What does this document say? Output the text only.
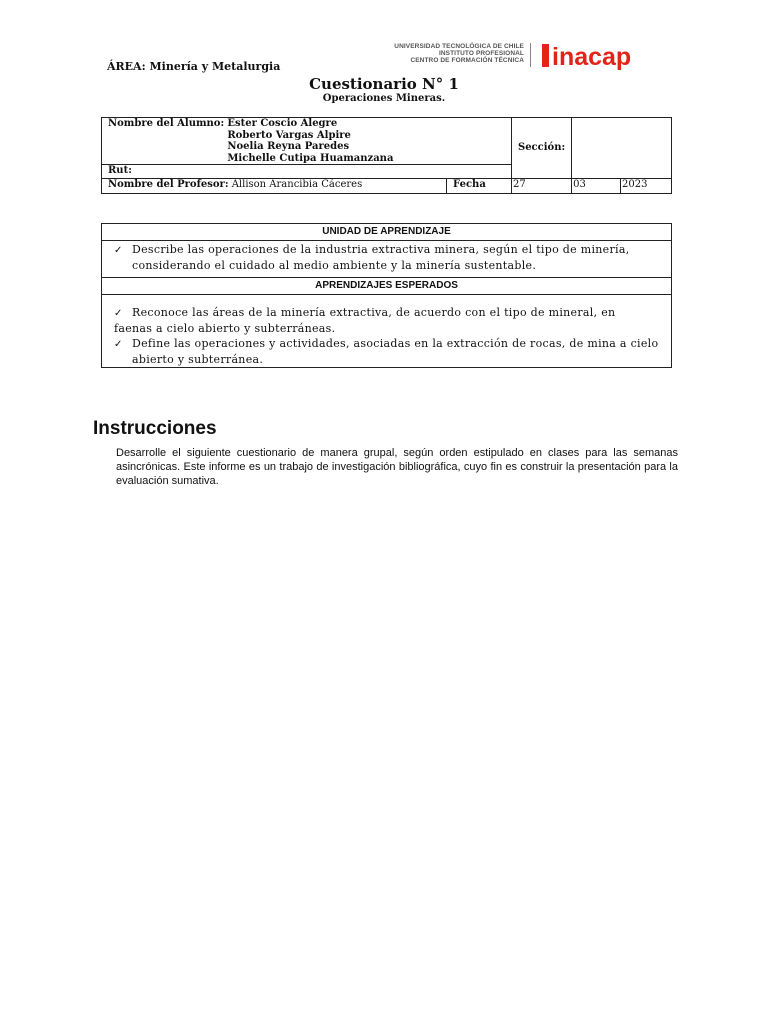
ÁREA: Minería y Metalurgia
UNIVERSIDAD TECNOLÓGICA DE CHILE
INSTITUTO PROFESIONAL
CENTRO DE FORMACIÓN TÉCNICA inacap
Cuestionario N° 1
Operaciones Mineras.
Nombre del Alumno: Ester Coscio Alegre
Roberto Vargas Alpire
Noelia Reyna Paredes
Michelle Cutipa Huamanzana		Sección:		
Rut:				
Nombre del Profesor: Allison Arancibia Cáceres	Fecha	27	03	2023
UNIDAD DE APRENDIZAJE
✓ Describe las operaciones de la industria extractiva minera, según el tipo de minería, considerando el cuidado al medio ambiente y la minería sustentable.
APRENDIZAJES ESPERADOS

✓ Reconoce las áreas de la minería extractiva, de acuerdo con el tipo de mineral, en
faenas a cielo abierto y subterráneas.
✓ Define las operaciones y actividades, asociadas en la extracción de rocas, de mina a cielo abierto y subterránea.
Instrucciones
Desarrolle el siguiente cuestionario de manera grupal, según orden estipulado en clases para las semanas asincrónicas. Este informe es un trabajo de investigación bibliográfica, cuyo fin es construir la presentación para la evaluación sumativa.
